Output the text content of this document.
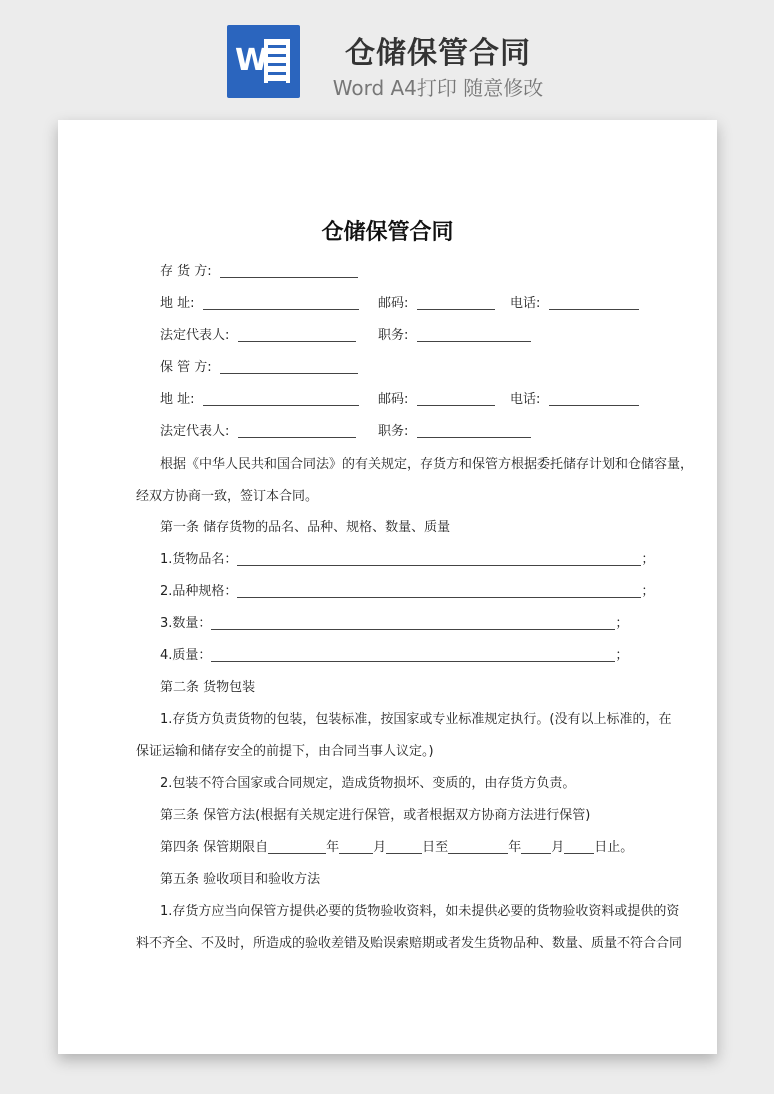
W	仓储保管合同
Word A4打印 随意修改
仓储保管合同
存 货 方:
地 址:	邮码:	电话:
法定代表人:	职务:
保 管 方:
地 址:	邮码:	电话:
法定代表人:	职务:
根据《中华人民共和国合同法》的有关规定，存货方和保管方根据委托储存计划和仓储容量，
经双方协商一致，签订本合同。
第一条 储存货物的品名、品种、规格、数量、质量
1.货物品名：	；
2.品种规格：	；
3.数量：	；
4.质量：	；
第二条 货物包装
1.存货方负责货物的包装，包装标准，按国家或专业标准规定执行。(没有以上标准的，在
保证运输和储存安全的前提下，由合同当事人议定。)
2.包装不符合国家或合同规定，造成货物损坏、变质的，由存货方负责。
第三条 保管方法(根据有关规定进行保管，或者根据双方协商方法进行保管)
第四条 保管期限自	年	月	日至	年 月 日止。
第五条 验收项目和验收方法
1.存货方应当向保管方提供必要的货物验收资料，如未提供必要的货物验收资料或提供的资
料不齐全、不及时，所造成的验收差错及贻误索赔期或者发生货物品种、数量、质量不符合合同
